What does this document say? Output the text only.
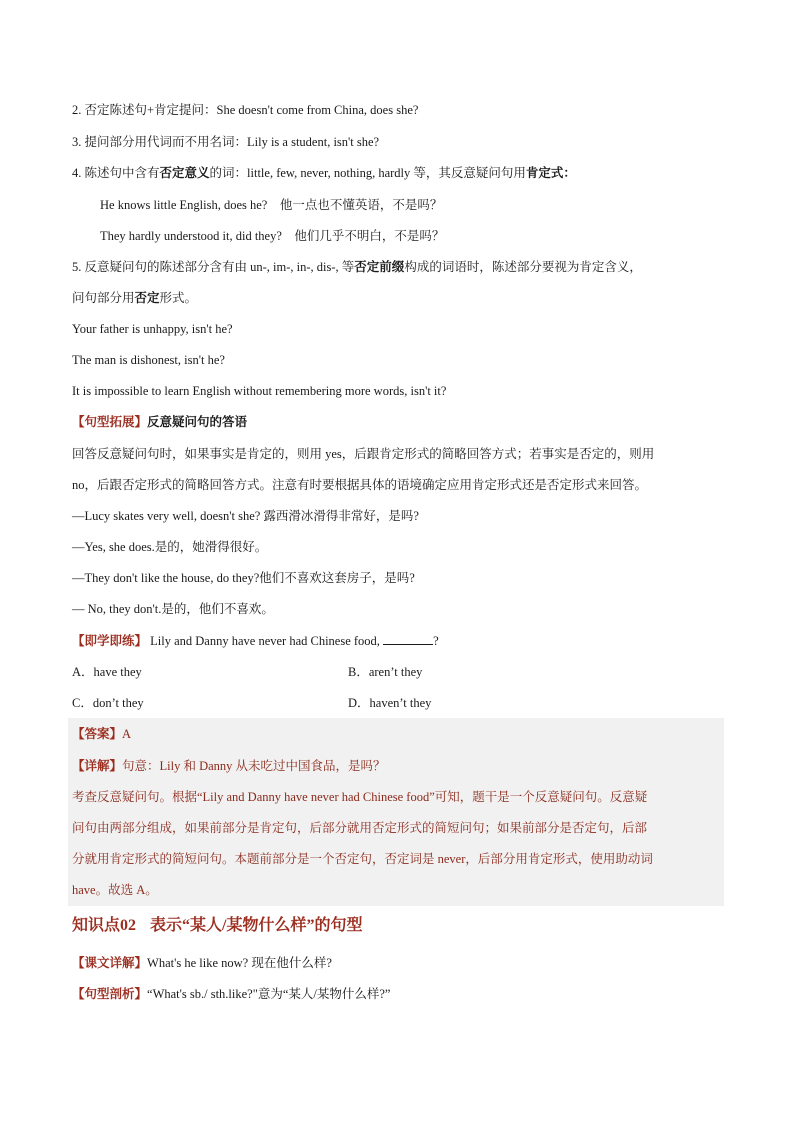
2. 否定陈述句+肯定提问：She doesn't come from China, does she?
3. 提问部分用代词而不用名词：Lily is a student, isn't she?
4. 陈述句中含有否定意义的词：little, few, never, nothing, hardly 等，其反意疑问句用肯定式：
He knows little English, does he?　他一点也不懂英语，不是吗？
They hardly understood it, did they?　他们几乎不明白，不是吗？
5. 反意疑问句的陈述部分含有由 un-, im-, in-, dis-, 等否定前缀构成的词语时，陈述部分要视为肯定含义，
问句部分用否定形式。
Your father is unhappy, isn't he?
The man is dishonest, isn't he?
It is impossible to learn English without remembering more words, isn't it?
【句型拓展】反意疑问句的答语
回答反意疑问句时，如果事实是肯定的，则用 yes，后跟肯定形式的简略回答方式；若事实是否定的，则用
no，后跟否定形式的简略回答方式。注意有时要根据具体的语境确定应用肯定形式还是否定形式来回答。
—Lucy skates very well, doesn't she? 露西滑冰滑得非常好，是吗?
—Yes, she does.是的，她滑得很好。
—They don't like the house, do they?他们不喜欢这套房子，是吗?
— No, they don't.是的，他们不喜欢。
【即学即练】 Lily and Danny have never had Chinese food,	?
A．have they	B．aren’t they
C．don’t they	D．haven’t they
【答案】A
【详解】句意：Lily 和 Danny 从未吃过中国食品，是吗？
考查反意疑问句。根据“Lily and Danny have never had Chinese food”可知，题干是一个反意疑问句。反意疑
问句由两部分组成，如果前部分是肯定句，后部分就用否定形式的简短问句；如果前部分是否定句，后部
分就用肯定形式的简短问句。本题前部分是一个否定句，否定词是 never，后部分用肯定形式，使用助动词
have。故选 A。
知识点02 表示“某人/某物什么样”的句型
【课文详解】What's he like now? 现在他什么样?
【句型剖析】“What's sb./ sth.like?"意为“某人/某物什么样?”
